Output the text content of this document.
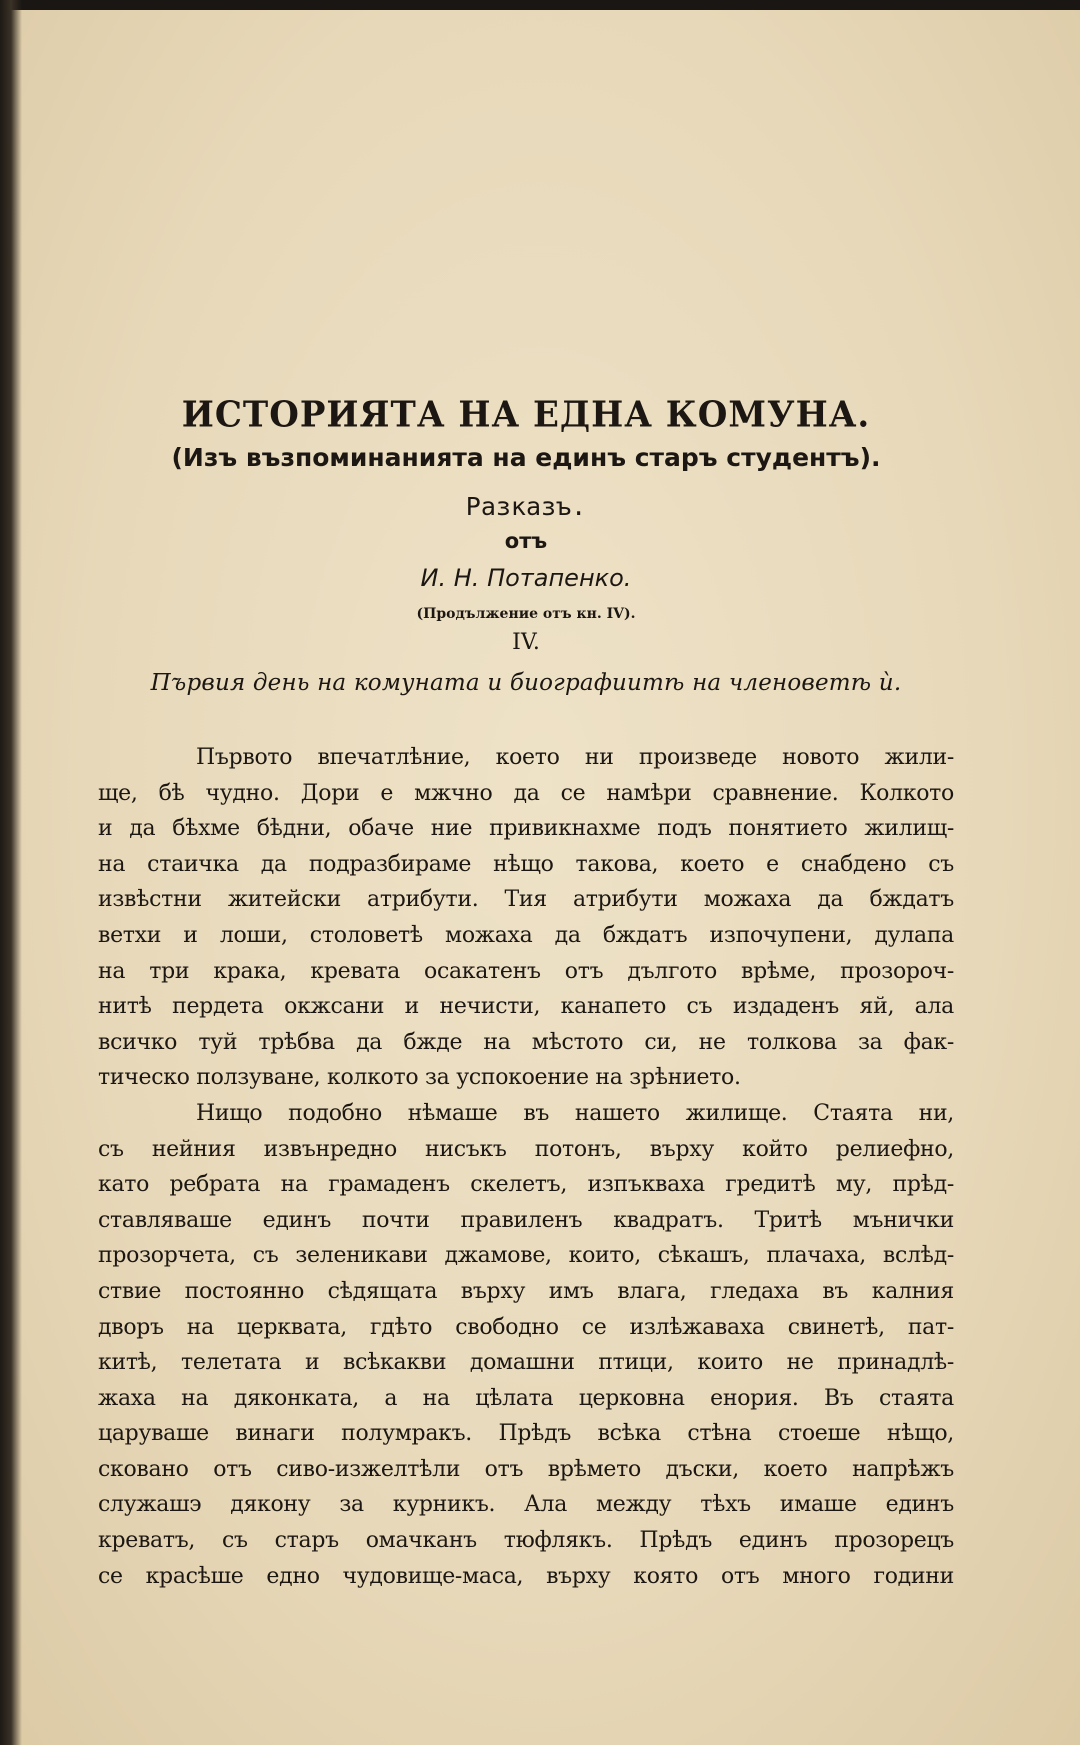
ИСТОРИЯТА НА ЕДНА КОМУНА.
(Изъ възпоминанията на единъ старъ студентъ).
Разказъ.
отъ
И. Н. Потапенко.
(Продължение отъ кн. IV).
IV.
Първия день на комуната и биографиитѣ на членоветѣ ѝ.
Първото впечатлѣние, което ни произведе новото жили-
ще, бѣ чудно. Дори е мжчно да се намѣри сравнение. Колкото
и да бѣхме бѣдни, обаче ние привикнахме подъ понятието жилищ-
на стаичка да подразбираме нѣщо такова, което е снабдено съ
извѣстни житейски атрибути. Тия атрибути можаха да бждатъ
ветхи и лоши, столоветѣ можаха да бждатъ изпочупени, дулапа
на три крака, кревата осакатенъ отъ дългото врѣме, прозороч-
нитѣ пердета окжсани и нечисти, канапето съ издаденъ яй, ала
всичко туй трѣбва да бжде на мѣстото си, не толкова за фак-
тическо ползуване, колкото за успокоение на зрѣнието.
Нищо подобно нѣмаше въ нашето жилище. Стаята ни,
съ нейния извънредно нисъкъ потонъ, върху който релиефно,
като ребрата на грамаденъ скелетъ, изпъкваха гредитѣ му, прѣд-
ставляваше единъ почти правиленъ квадратъ. Тритѣ мънички
прозорчета, съ зеленикави джамове, които, сѣкашъ, плачаха, вслѣд-
ствие постоянно сѣдящата върху имъ влага, гледаха въ калния
дворъ на церквата, гдѣто свободно се излѣжаваха свинетѣ, пат-
китѣ, телетата и всѣкакви домашни птици, които не принадлѣ-
жаха на дяконката, а на цѣлата церковна енория. Въ стаята
царуваше винаги полумракъ. Прѣдъ всѣка стѣна стоеше нѣщо,
сковано отъ сиво-изжелтѣли отъ врѣмето дъски, което напрѣжъ
служашэ дякону за курникъ. Ала между тѣхъ имаше единъ
креватъ, съ старъ омачканъ тюфлякъ. Прѣдъ единъ прозорецъ
се красѣше едно чудовище-маса, върху която отъ много години
